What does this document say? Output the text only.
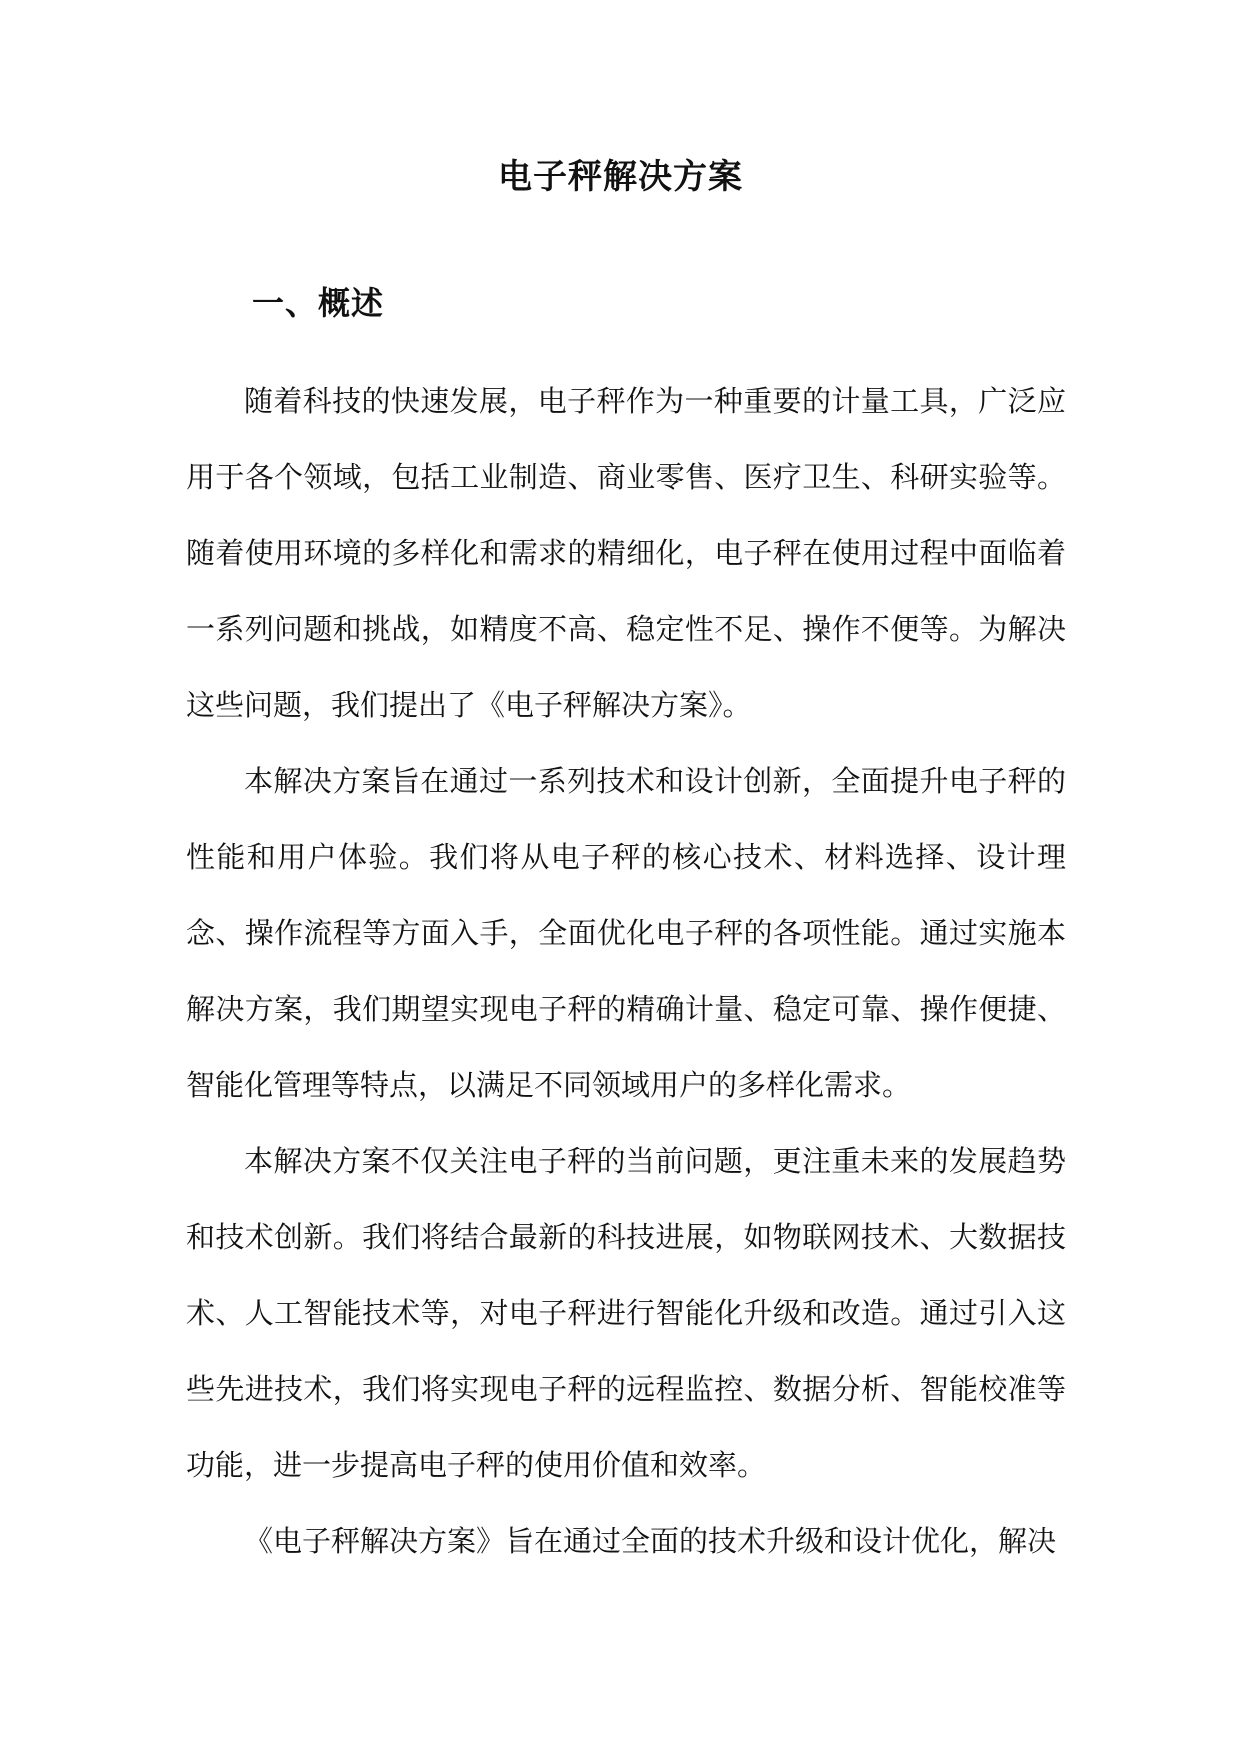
电子秤解决方案
一、概述

随着科技的快速发展，电子秤作为一种重要的计量工具，广泛应用于各个领域，包括工业制造、商业零售、医疗卫生、科研实验等。随着使用环境的多样化和需求的精细化，电子秤在使用过程中面临着一系列问题和挑战，如精度不高、稳定性不足、操作不便等。为解决这些问题，我们提出了《电子秤解决方案》。

本解决方案旨在通过一系列技术和设计创新，全面提升电子秤的性能和用户体验。我们将从电子秤的核心技术、材料选择、设计理念、操作流程等方面入手，全面优化电子秤的各项性能。通过实施本解决方案，我们期望实现电子秤的精确计量、稳定可靠、操作便捷、智能化管理等特点，以满足不同领域用户的多样化需求。

本解决方案不仅关注电子秤的当前问题，更注重未来的发展趋势和技术创新。我们将结合最新的科技进展，如物联网技术、大数据技术、人工智能技术等，对电子秤进行智能化升级和改造。通过引入这些先进技术，我们将实现电子秤的远程监控、数据分析、智能校准等功能，进一步提高电子秤的使用价值和效率。

《电子秤解决方案》旨在通过全面的技术升级和设计优化，解决
